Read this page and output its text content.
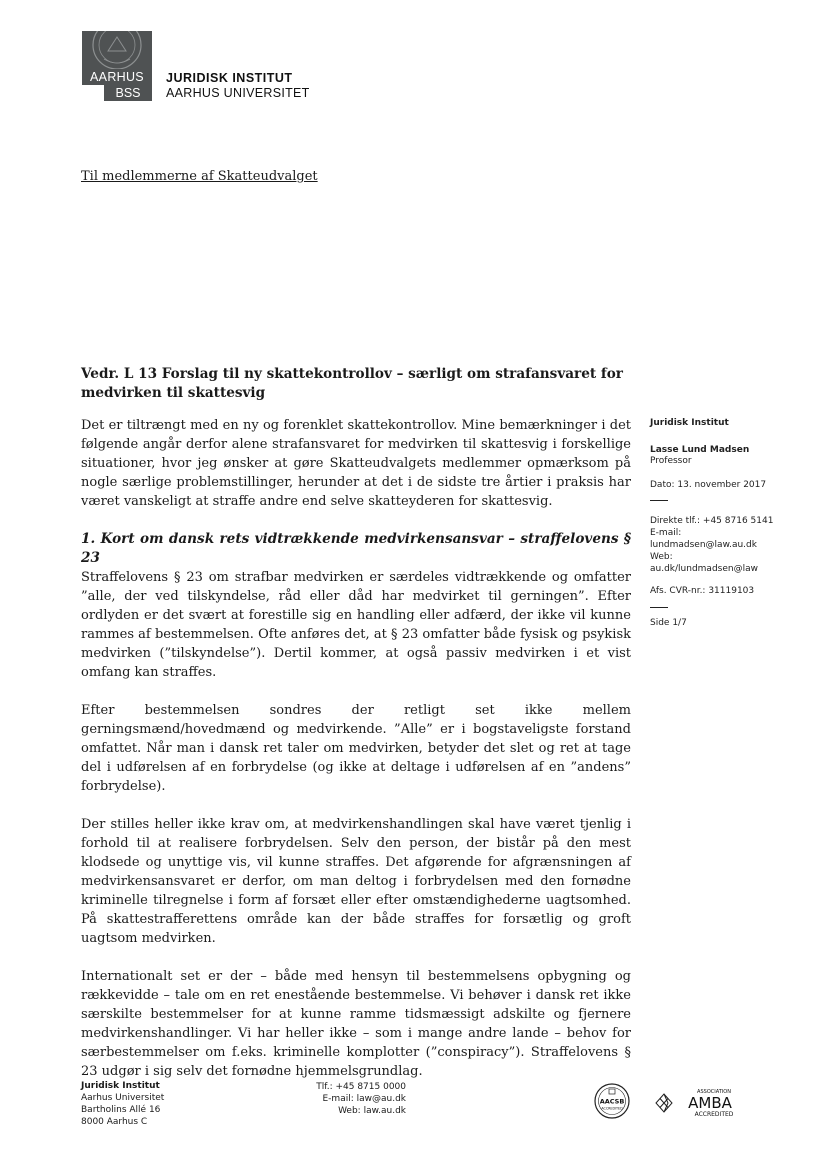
AARHUS
BSS
JURIDISK INSTITUT
AARHUS UNIVERSITET
Til medlemmerne af Skatteudvalget
Vedr. L 13 Forslag til ny skattekontrollov – særligt om strafansvaret for medvirken til skattesvig

Det er tiltrængt med en ny og forenklet skattekontrollov. Mine bemærkninger i det følgende angår derfor alene strafansvaret for medvirken til skattesvig i forskellige situationer, hvor jeg ønsker at gøre Skatteudvalgets medlemmer opmærksom på nogle særlige problemstillinger, herunder at det i de sidste tre årtier i praksis har været vanskeligt at straffe andre end selve skatteyderen for skattesvig.

1. Kort om dansk rets vidtrækkende medvirkensansvar – straffelovens § 23

Straffelovens § 23 om strafbar medvirken er særdeles vidtrækkende og omfatter ”alle, der ved tilskyndelse, råd eller dåd har medvirket til gerningen”. Efter ordlyden er det svært at forestille sig en handling eller adfærd, der ikke vil kunne rammes af bestemmelsen. Ofte anføres det, at § 23 omfatter både fysisk og psykisk medvirken (”tilskyndelse”). Dertil kommer, at også passiv medvirken i et vist omfang kan straffes.

Efter bestemmelsen sondres der retligt set ikke mellem gerningsmænd/hovedmænd og medvirkende. ”Alle” er i bogstaveligste forstand omfattet. Når man i dansk ret taler om medvirken, betyder det slet og ret at tage del i udførelsen af en forbrydelse (og ikke at deltage i udførelsen af en ”andens” forbrydelse).

Der stilles heller ikke krav om, at medvirkenshandlingen skal have været tjenlig i forhold til at realisere forbrydelsen. Selv den person, der bistår på den mest klodsede og unyttige vis, vil kunne straffes. Det afgørende for afgrænsningen af medvirkensansvaret er derfor, om man deltog i forbrydelsen med den fornødne kriminelle tilregnelse i form af forsæt eller efter omstændighederne uagtsomhed. På skattestrafferettens område kan der både straffes for forsætlig og groft uagtsom medvirken.

Internationalt set er der – både med hensyn til bestemmelsens opbygning og rækkevidde – tale om en ret enestående bestemmelse. Vi behøver i dansk ret ikke særskilte bestemmelser for at kunne ramme tidsmæssigt adskilte og fjernere medvirkenshandlinger. Vi har heller ikke – som i mange andre lande – behov for særbestemmelser om f.eks. kriminelle komplotter (”conspiracy”). Straffelovens § 23 udgør i sig selv det fornødne hjemmelsgrundlag.

Juridisk Institut
Lasse Lund Madsen
Professor
Dato: 13. november 2017
Direkte tlf.: +45 8716 5141
E-mail:
lundmadsen@law.au.dk
Web:
au.dk/lundmadsen@law
Afs. CVR-nr.: 31119103
Side 1/7
Juridisk Institut
Aarhus Universitet
Bartholins Allé 16
8000 Aarhus C
Tlf.: +45 8715 0000
E-mail: law@au.dk
Web: law.au.dk
AACSB
ACCREDITED
ASSOCIATION
AMBA
ACCREDITED
